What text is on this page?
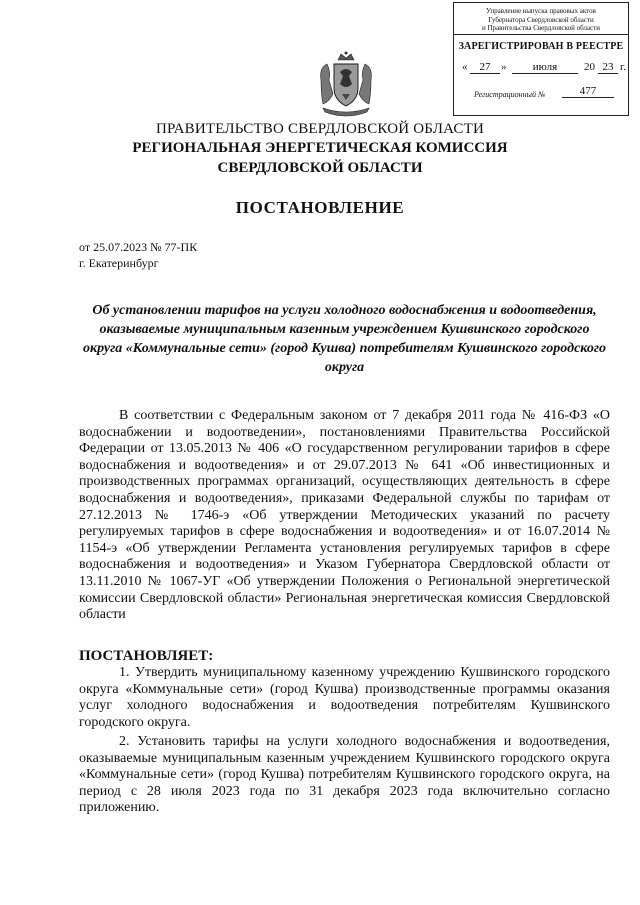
Управление выпуска правовых актов
Губернатора Свердловской области
и Правительства Свердловской области
ЗАРЕГИСТРИРОВАН В РЕЕСТРЕ
«	27 »	июля	20 23 г.
Регистрационный №	477
ПРАВИТЕЛЬСТВО СВЕРДЛОВСКОЙ ОБЛАСТИ
РЕГИОНАЛЬНАЯ ЭНЕРГЕТИЧЕСКАЯ КОМИССИЯ
СВЕРДЛОВСКОЙ ОБЛАСТИ
ПОСТАНОВЛЕНИЕ
от 25.07.2023 № 77-ПК
г. Екатеринбург
Об установлении тарифов на услуги холодного водоснабжения и водоотведения, оказываемые муниципальным казенным учреждением Кушвинского городского округа «Коммунальные сети» (город Кушва) потребителям Кушвинского городского округа
В соответствии с Федеральным законом от 7 декабря 2011 года № 416-ФЗ «О водоснабжении и водоотведении», постановлениями Правительства Российской Федерации от 13.05.2013 № 406 «О государственном регулировании тарифов в сфере водоснабжения и водоотведения» и от 29.07.2013 № 641 «Об инвестиционных и производственных программах организаций, осуществляющих деятельность в сфере водоснабжения и водоотведения», приказами Федеральной службы по тарифам от 27.12.2013 № 1746-э «Об утверждении Методических указаний по расчету регулируемых тарифов в сфере водоснабжения и водоотведения» и от 16.07.2014 № 1154-э «Об утверждении Регламента установления регулируемых тарифов в сфере водоснабжения и водоотведения» и Указом Губернатора Свердловской области от 13.11.2010 № 1067-УГ «Об утверждении Положения о Региональной энергетической комиссии Свердловской области» Региональная энергетическая комиссия Свердловской области
ПОСТАНОВЛЯЕТ:
1. Утвердить муниципальному казенному учреждению Кушвинского городского округа «Коммунальные сети» (город Кушва) производственные программы оказания услуг холодного водоснабжения и водоотведения потребителям Кушвинского городского округа.
2. Установить тарифы на услуги холодного водоснабжения и водоотведения, оказываемые муниципальным казенным учреждением Кушвинского городского округа «Коммунальные сети» (город Кушва) потребителям Кушвинского городского округа, на период с 28 июля 2023 года по 31 декабря 2023 года включительно согласно приложению.
